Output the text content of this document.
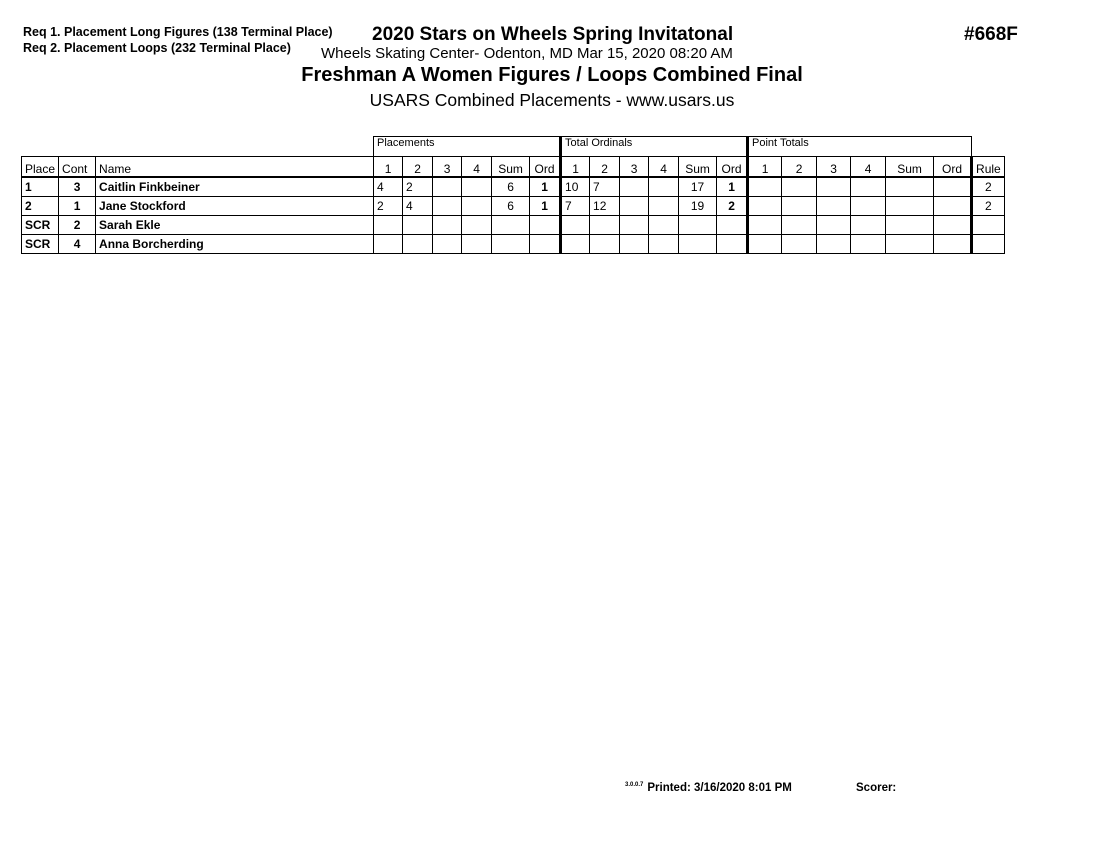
Req 1. Placement Long Figures (138 Terminal Place)
Req 2. Placement Loops (232 Terminal Place)
2020 Stars on Wheels Spring Invitatonal
Wheels Skating Center- Odenton, MD Mar 15, 2020 08:20 AM
Freshman A Women Figures / Loops Combined Final
USARS Combined Placements - www.usars.us
#668F
			Placements						Total Ordinals						Point Totals						
Place	Cont	Name	1	2	3	4	Sum	Ord	1	2	3	4	Sum	Ord	1	2	3	4	Sum	Ord	Rule
1	3	Caitlin Finkbeiner	4	2			6	1	10	7			17	1							2
2	1	Jane Stockford	2	4			6	1	7	12			19	2							2
SCR	2	Sarah Ekle																			
SCR	4	Anna Borcherding																			
$^{3.0.0.7}$ Printed: 3/16/2020 8:01 PM	Scorer:
